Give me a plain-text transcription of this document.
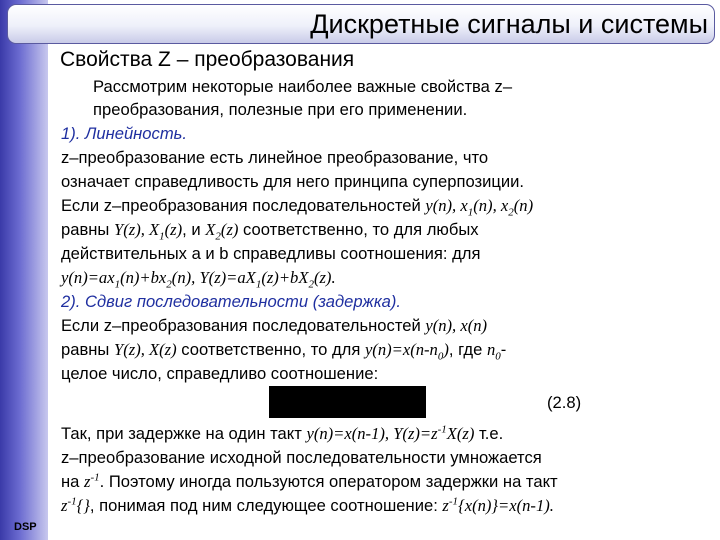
DSP
Дискретные сигналы и системы
Свойства Z – преобразования
Рассмотрим некоторые наиболее важные свойства z–
преобразования, полезные при его применении.
1). Линейность.
z–преобразование есть линейное преобразование, что
означает справедливость для него принципа суперпозиции.
Если z–преобразования последовательностей y(n), $x_1(n)$, $x_2(n)$
равны Y(z), $X_1(z)$, и $X_2(z)$ соответственно, то для любых
действительных a и b справедливы соотношения: для
$y(n)=ax_1(n)+bx_2(n)$, $Y(z)=aX_1(z)+bX_2(z)$.
2). Сдвиг последовательности (задержка).
Если z–преобразования последовательностей y(n), x(n)
равны Y(z), X(z) соответственно, то для $y(n)=x(n-n_0)$, где $n_0-$
целое число, справедливо соотношение:
(2.8)
Так, при задержке на один такт y(n)=x(n-1), $Y(z)=z^{-1}X(z)$ т.е.
z–преобразование исходной последовательности умножается
на $z^{-1}$. Поэтому иногда пользуются оператором задержки на такт
$z^{-1}\{\}$, понимая под ним следующее соотношение: $z^{-1}\{x(n)\}=x(n-1)$.
